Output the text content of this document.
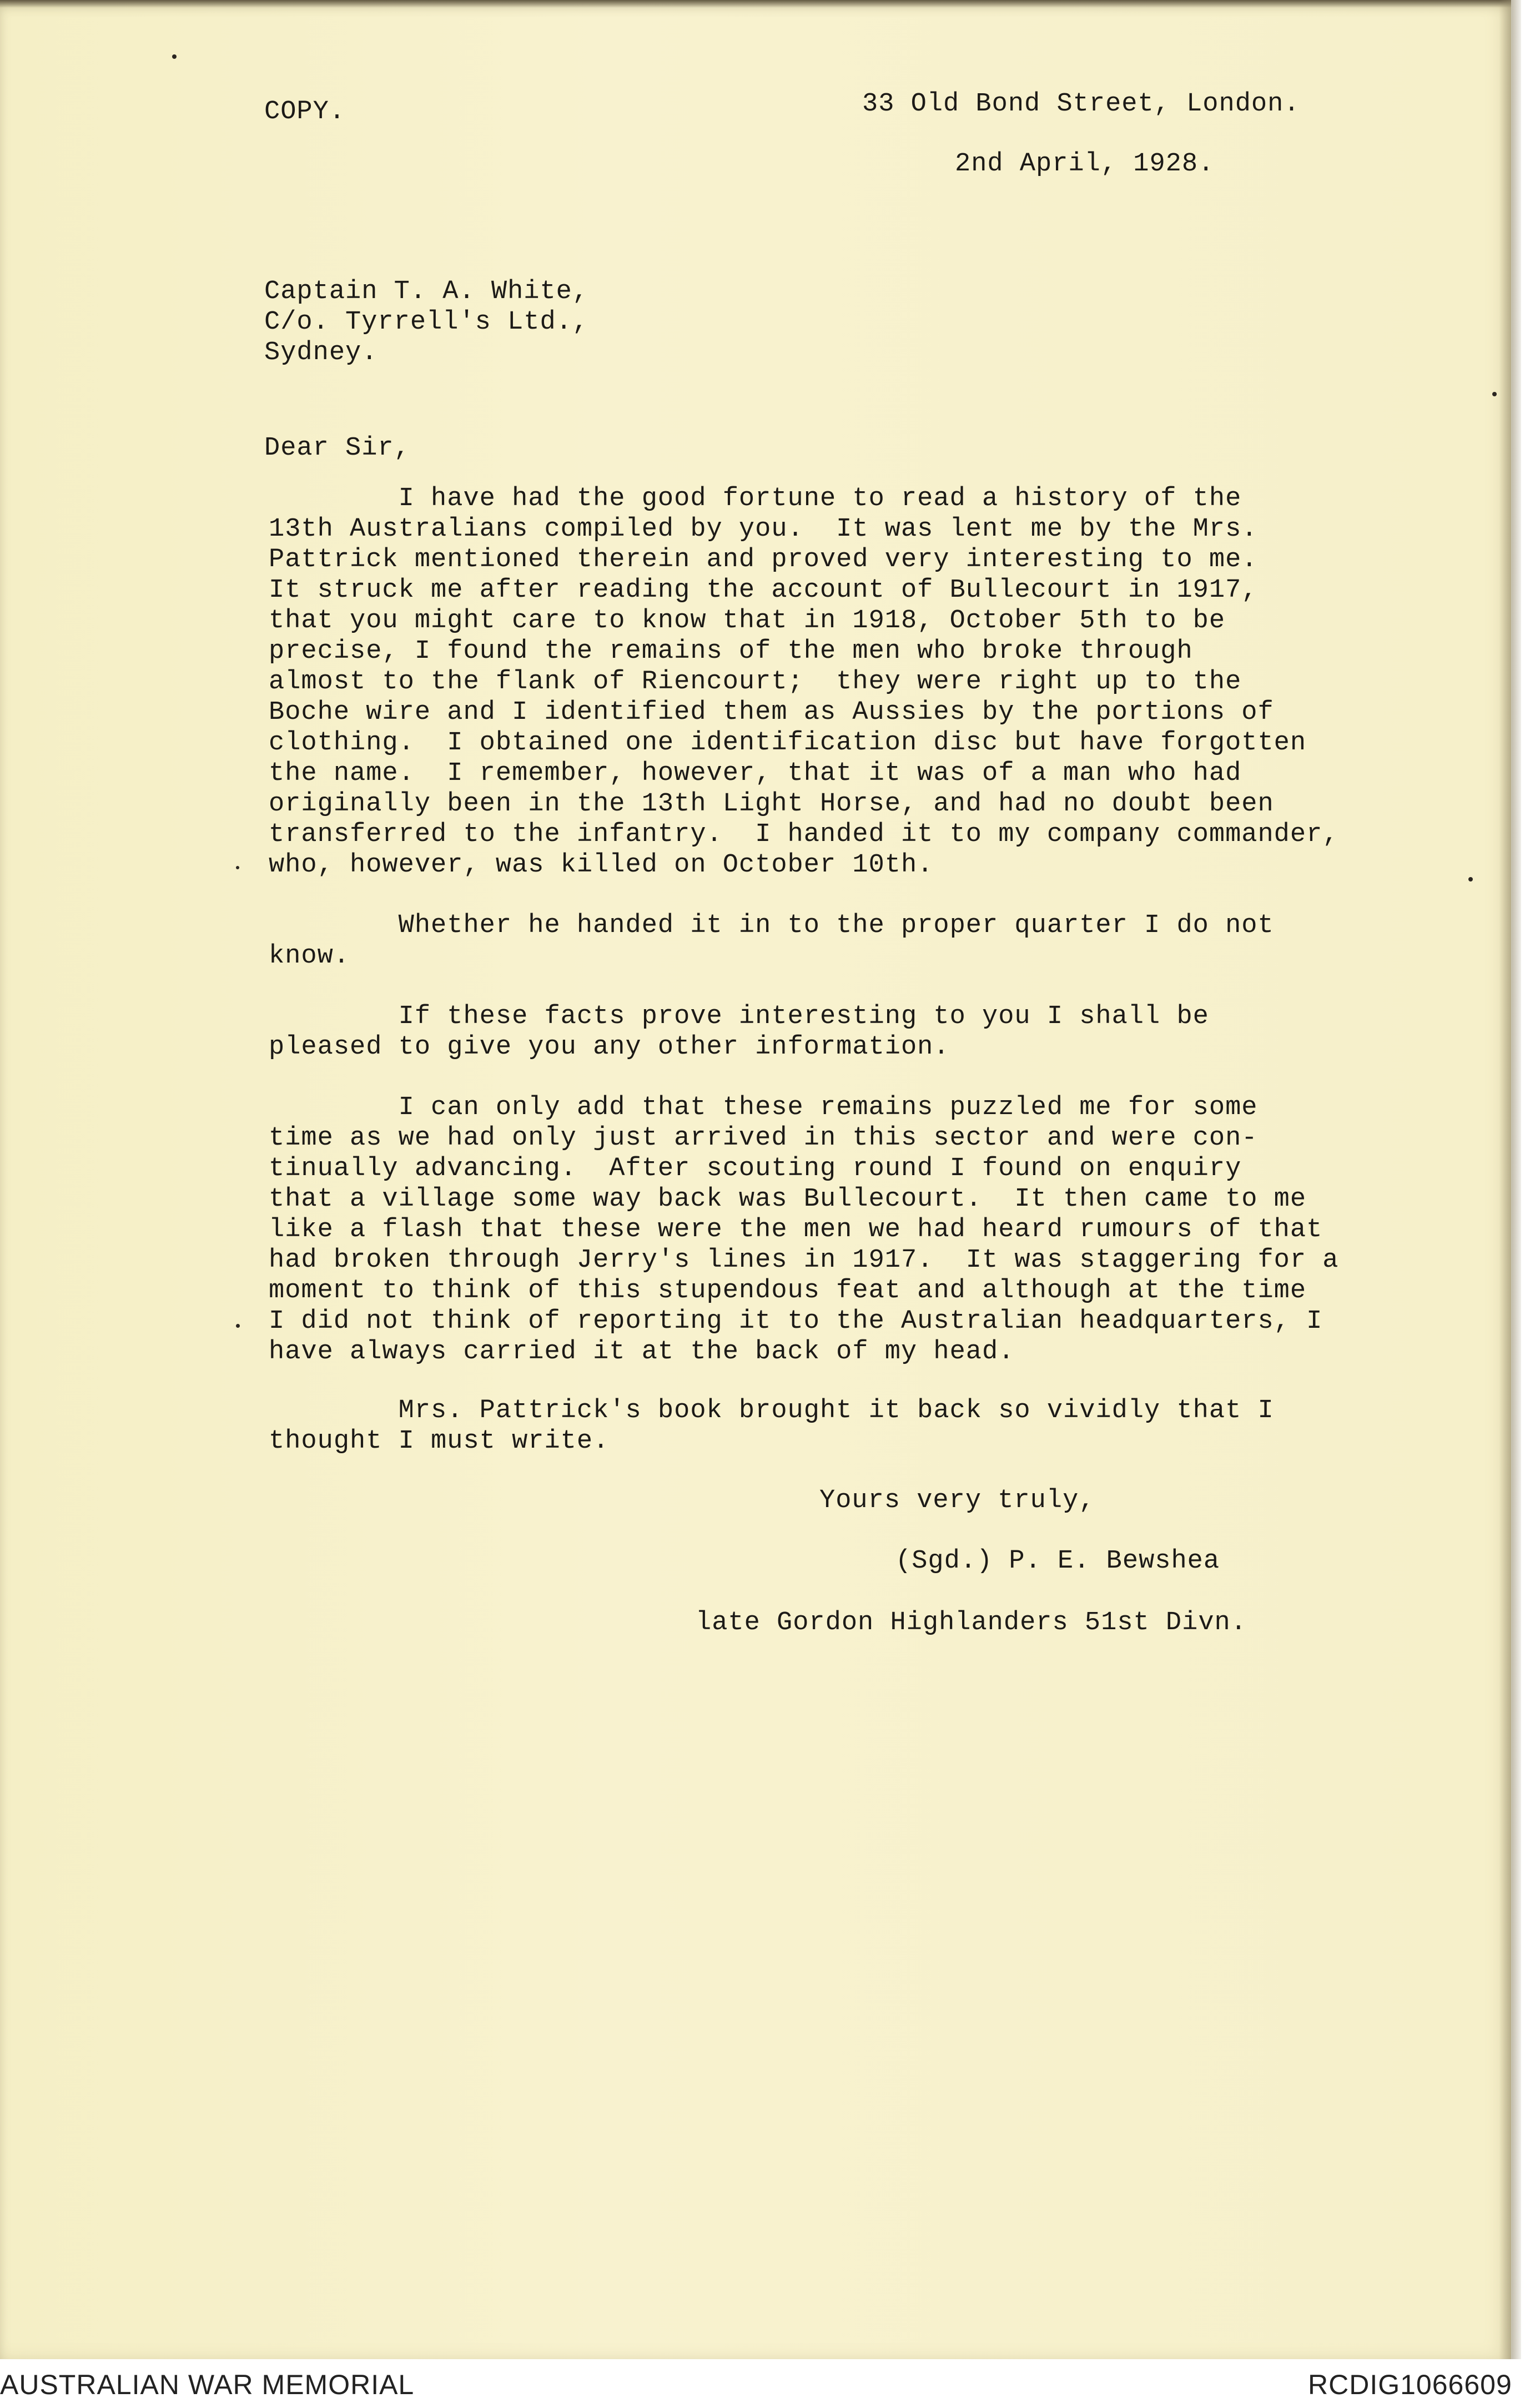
COPY.	33 Old Bond Street, London.

2nd April, 1928.

Captain T. A. White,

C/o. Tyrrell's Ltd.,

Sydney.

Dear Sir,

I have had the good fortune to read a history of the

13th Australians compiled by you.  It was lent me by the Mrs.

Pattrick mentioned therein and proved very interesting to me.

It struck me after reading the account of Bullecourt in 1917,

that you might care to know that in 1918, October 5th to be

precise, I found the remains of the men who broke through

almost to the flank of Riencourt;  they were right up to the

Boche wire and I identified them as Aussies by the portions of

clothing.  I obtained one identification disc but have forgotten

the name.  I remember, however, that it was of a man who had

originally been in the 13th Light Horse, and had no doubt been

transferred to the infantry.  I handed it to my company commander,

who, however, was killed on October 10th.

Whether he handed it in to the proper quarter I do not

know.

If these facts prove interesting to you I shall be

pleased to give you any other information.

I can only add that these remains puzzled me for some

time as we had only just arrived in this sector and were con-

tinually advancing.  After scouting round I found on enquiry

that a village some way back was Bullecourt.  It then came to me

like a flash that these were the men we had heard rumours of that

had broken through Jerry's lines in 1917.  It was staggering for a

moment to think of this stupendous feat and although at the time

I did not think of reporting it to the Australian headquarters, I

have always carried it at the back of my head.

Mrs. Pattrick's book brought it back so vividly that I

thought I must write.

Yours very truly,

(Sgd.) P. E. Bewshea

late Gordon Highlanders 51st Divn.

AUSTRALIAN WAR MEMORIAL	RCDIG1066609
